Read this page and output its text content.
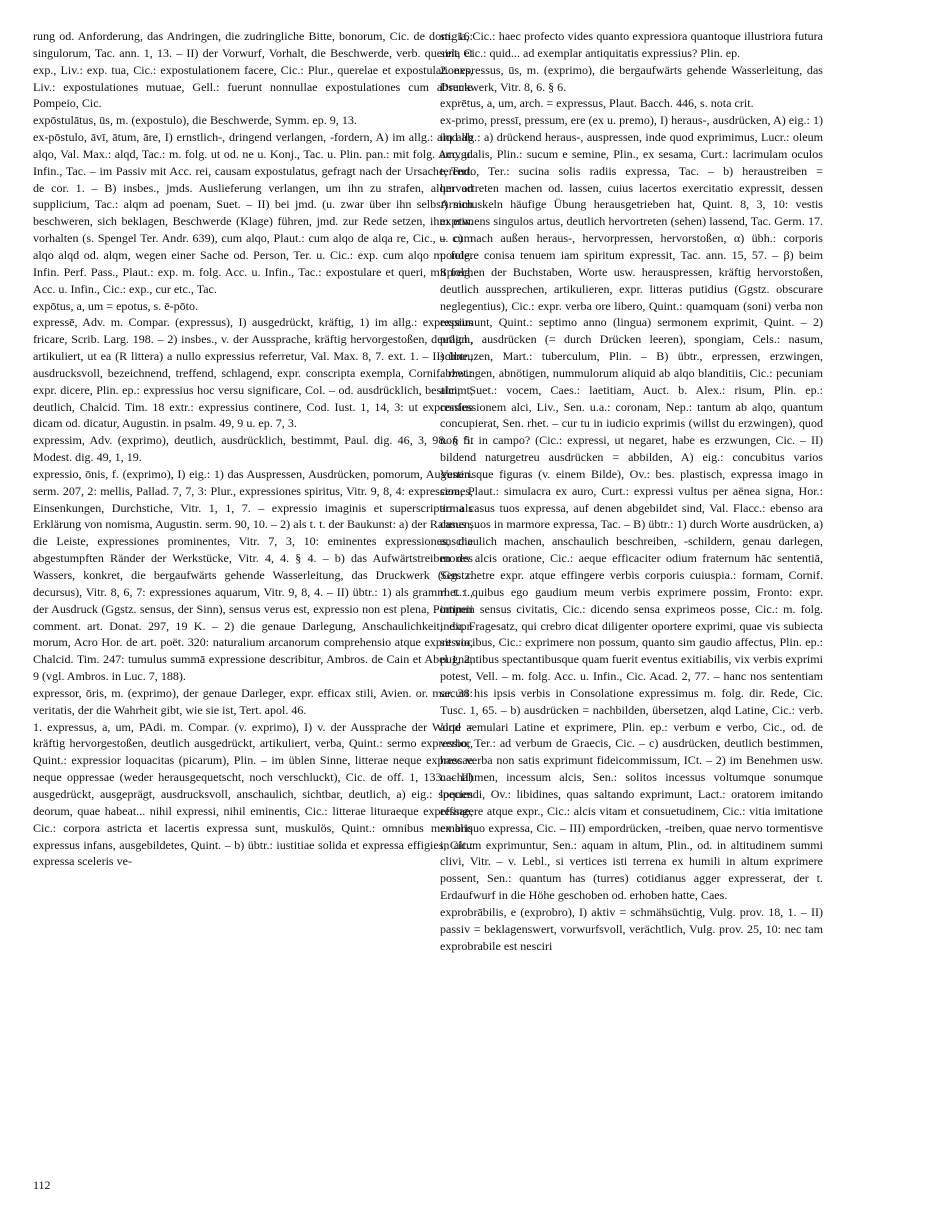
rung od. Anforderung, das Andringen, die zudringliche Bitte, bonorum, Cic. de dom. 16: singulorum, Tac. ann. 1, 13. – II) der Vorwurf, Vorhalt, die Beschwerde, verb. querela et exp., Liv.: exp. tua, Cic.: expostulationem facere, Cic.: Plur., querelae et expostulationes, Liv.: expostulationes mutuae, Gell.: fuerunt nonnullae expostulationes cum absente Pompeio, Cic.

expōstulātus, ūs, m. (expostulo), die Beschwerde, Symm. ep. 9, 13.

ex-pōstulo, āvī, ātum, āre, I) ernstlich-, dringend verlangen, -fordern, A) im allg.: alqd ab alqo, Val. Max.: alqd, Tac.: m. folg. ut od. ne u. Konj., Tac. u. Plin. pan.: mit folg. Acc. u. Infin., Tac. – im Passiv mit Acc. rei, causam expostulatus, gefragt nach der Ursache, Tert. de cor. 1. – B) insbes., jmds. Auslieferung verlangen, um ihn zu strafen, alqm ad supplicium, Tac.: alqm ad poenam, Suet. – II) bei jmd. (u. zwar über ihn selbst) sich beschweren, sich beklagen, Beschwerde (Klage) führen, jmd. zur Rede setzen, ihm etw. vorhalten (s. Spengel Ter. Andr. 639), cum alqo, Plaut.: cum alqo de alqa re, Cic., u. cum alqo alqd od. alqm, wegen einer Sache od. Person, Ter. u. Cic.: exp. cum alqo m. folg. Infin. Perf. Pass., Plaut.: exp. m. folg. Acc. u. Infin., Tac.: expostulare et queri, mit folg. Acc. u. Infin., Cic.: exp., cur etc., Tac.

expōtus, a, um = epotus, s. ē-pōto.

expressē, Adv. m. Compar. (expressus), I) ausgedrückt, kräftig, 1) im allg.: expressius fricare, Scrib. Larg. 198. – 2) insbes., v. der Aussprache, kräftig hervorgestoßen, deutlich, artikuliert, ut ea (R littera) a nullo expressius referretur, Val. Max. 8, 7. ext. 1. – II) übtr., ausdrucksvoll, bezeichnend, treffend, schlagend, expr. conscripta exempla, Cornif. rhet.: expr. dicere, Plin. ep.: expressius hoc versu significare, Col. – od. ausdrücklich, bestimmt, deutlich, Chalcid. Tim. 18 extr.: expressius continere, Cod. Iust. 1, 14, 3: ut expressius dicam od. dicatur, Augustin. in psalm. 49, 9 u. ep. 7, 3.

expressim, Adv. (exprimo), deutlich, ausdrücklich, bestimmt, Paul. dig. 46, 3, 98. § 5. Modest. dig. 49, 1, 19.

expressio, ōnis, f. (exprimo), I) eig.: 1) das Auspressen, Ausdrücken, pomorum, Augustin. serm. 207, 2: mellis, Pallad. 7, 7, 3: Plur., expressiones spiritus, Vitr. 9, 8, 4: expressiones, Einsenkungen, Durchstiche, Vitr. 1, 1, 7. – expressio imaginis et superscriptio als Erklärung von nomisma, Augustin. serm. 90, 10. – 2) als t. t. der Baukunst: a) der Rahmen, die Leiste, expressiones prominentes, Vitr. 7, 3, 10: eminentes expressiones, die abgestumpften Ränder der Werkstücke, Vitr. 4, 4. § 4. – b) das Aufwärtstreiben des Wassers, konkret, die bergaufwärts gehende Wasserleitung, das Druckwerk (Ggstz. decursus), Vitr. 8, 6, 7: expressiones aquarum, Vitr. 9, 8, 4. – II) übtr.: 1) als gramm. t. t., der Ausdruck (Ggstz. sensus, der Sinn), sensus verus est, expressio non est plena, Pompeii comment. art. Donat. 297, 19 K. – 2) die genaue Darlegung, Anschaulichkeit, expr. morum, Acro Hor. de art. poët. 320: naturalium arcanorum comprehensio atque expressio, Chalcid. Tim. 247: tumulus summā expressione describitur, Ambros. de Cain et Abel 1, 2, 9 (vgl. Ambros. in Luc. 7, 188).

expressor, ōris, m. (exprimo), der genaue Darleger, expr. efficax stili, Avien. or. mar. 38: veritatis, der die Wahrheit gibt, wie sie ist, Tert. apol. 46.

1. expressus, a, um, PAdi. m. Compar. (v. exprimo), I) v. der Aussprache der Worte = kräftig hervorgestoßen, deutlich ausgedrückt, artikuliert, verba, Quint.: sermo expressior, Quint.: expressior loquacitas (picarum), Plin. – im üblen Sinne, litterae neque expressae neque oppressae (weder herausgequetscht, noch verschluckt), Cic. de off. 1, 133. – II) ausgedrückt, ausgeprägt, ausdrucksvoll, anschaulich, sichtbar, deutlich, a) eig.: species deorum, quae habeat... nihil expressi, nihil eminentis, Cic.: litterae lituraeque expressae, Cic.: corpora astricta et lacertis expressa sunt, muskulös, Quint.: omnibus membris expressus infans, ausgebildetes, Quint. – b) übtr.: iustitiae solida et expressa effigies, Cic.: expressa sceleris ve-

stigia, Cic.: haec profecto vides quanto expressiora quantoque illustriora futura sint, Cic.: quid... ad exemplar antiquitatis expressius? Plin. ep.

2. expressus, ūs, m. (exprimo), die bergaufwärts gehende Wasserleitung, das Druckwerk, Vitr. 8, 6. § 6.

exprētus, a, um, arch. = expressus, Plaut. Bacch. 446, s. nota crit.

ex-primo, pressī, pressum, ere (ex u. premo), I) heraus-, ausdrücken, A) eig.: 1) im allg.: a) drückend heraus-, auspressen, inde quod exprimimus, Lucr.: oleum amygdalis, Plin.: sucum e semine, Plin., ex sesama, Curt.: lacrimulam oculos terendo, Ter.: sucina solis radiis expressa, Tac. – b) heraustreiben = hervortreten machen od. lassen, cuius lacertos exercitatio expressit, dessen Armmuskeln häufige Übung herausgetrieben hat, Quint. 8, 3, 10: vestis exprimens singulos artus, deutlich hervortreten (sehen) lassend, Tac. Germ. 17. – c) nach außen heraus-, hervorpressen, hervorstoßen, α) übh.: corporis pondere conisa tenuem iam spiritum expressit, Tac. ann. 15, 57. – β) beim Sprechen der Buchstaben, Worte usw. herauspressen, kräftig hervorstoßen, deutlich aussprechen, artikulieren, expr. litteras putidius (Ggstz. obscurare neglegentius), Cic.: expr. verba ore libero, Quint.: quamquam (soni) verba non exprimunt, Quint.: septimo anno (lingua) sermonem exprimit, Quint. – 2) prägn., ausdrücken (= durch Drücken leeren), spongiam, Cels.: nasum, schneuzen, Mart.: tuberculum, Plin. – B) übtr., erpressen, erzwingen, abzwingen, abnötigen, nummulorum aliquid ab alqo blanditiis, Cic.: pecuniam alci, Suet.: vocem, Caes.: laetitiam, Auct. b. Alex.: risum, Plin. ep.: confessionem alci, Liv., Sen. u.a.: coronam, Nep.: tantum ab alqo, quantum concupierat, Sen. rhet. – cur tu in iudicio exprimis (willst du erzwingen), quod non fit in campo? (Cic.: expressi, ut negaret, habe es erzwungen, Cic. – II) bildend naturgetreu ausdrücken = abbilden, A) eig.: concubitus varios Venerisque figuras (v. einem Bilde), Ov.: bes. plastisch, expressa imago in cera, Plaut.: simulacra ex auro, Curt.: expressi vultus per aënea signa, Hor.: arma casus tuos expressa, auf denen abgebildet sind, Val. Flacc.: ebenso ara casus suos in marmore expressa, Tac. – B) übtr.: 1) durch Worte ausdrücken, a) anschaulich machen, anschaulich beschreiben, -schildern, genau darlegen, mores alcis oratione, Cic.: aeque efficaciter odium fraternum hāc sententiā, Sen. rhetre expr. atque effingere verbis corporis cuiuspia.: formam, Cornif. rhet.: quibus ego gaudium meum verbis exprimere possim, Fronto: expr. intimm sensus civitatis, Cic.: dicendo sensa exprimeos posse, Cic.: m. folg. indir. Fragesatz, qui crebro dicat diligenter oportere exprimi, quae vis subiecta sit vocibus, Cic.: exprimere non possum, quanto sim gaudio affectus, Plin. ep.: pugnantibus spectantibusque quam fuerit eventus exitiabilis, vix verbis exprimi potest, Vell. – m. folg. Acc. u. Infin., Cic. Acad. 2, 77. – hanc nos sententiam securi his ipsis verbis in Consolatione expressimus m. folg. dir. Rede, Cic. Tusc. 1, 65. – b) ausdrücken = nachbilden, übersetzen, alqd Latine, Cic.: verb. alqd aemulari Latine et exprimere, Plin. ep.: verbum e verbo, Cic., od. de verbo, Ter.: ad verbum de Graecis, Cic. – c) ausdrücken, deutlich bestimmen, haec verba non satis exprimunt fideicommissum, ICt. – 2) im Benehmen usw. nachahmen, incessum alcis, Sen.: solitos incessus voltumque sonumque loquendi, Ov.: libidines, quas saltando exprimunt, Lact.: oratorem imitando effingere atque expr., Cic.: alcis vitam et consuetudinem, Cic.: vitia imitatione ex aliquo expressa, Cic. – III) empordrücken, -treiben, quae nervo tormentisve in altum exprimuntur, Sen.: aquam in altum, Plin., od. in altitudinem summi clivi, Vitr. – v. Lebl., si vertices isti terrena ex humili in altum exprimere possent, Sen.: quantum has (turres) cotidianus agger expresserat, der t. Erdaufwurf in die Höhe geschoben od. erhoben hatte, Caes.

exprobrābilis, e (exprobro), I) aktiv = schmähsüchtig, Vulg. prov. 18, 1. – II) passiv = beklagenswert, vorwurfsvoll, verächtlich, Vulg. prov. 25, 10: nec tam exprobrabile est nesciri

112
